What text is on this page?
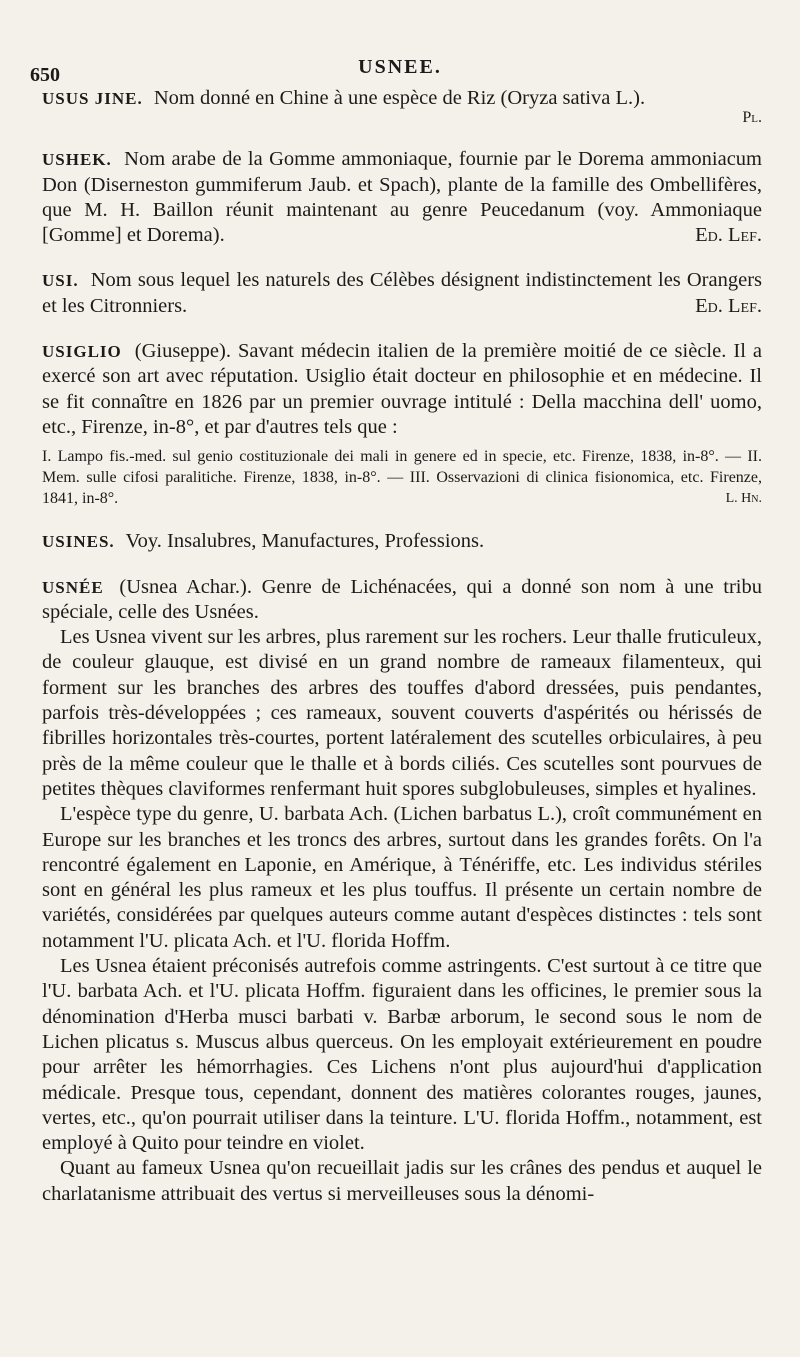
650	USNEE.

USUS JINE. Nom donné en Chine à une espèce de Riz (Oryza sativa L.).

Pl.

USHEK. Nom arabe de la Gomme ammoniaque, fournie par le Dorema ammoniacum Don (Diserneston gummiferum Jaub. et Spach), plante de la famille des Ombellifères, que M. H. Baillon réunit maintenant au genre Peucedanum (voy. Ammoniaque [Gomme] et Dorema).	Ed. Lef.

USI. Nom sous lequel les naturels des Célèbes désignent indistinctement les Orangers et les Citronniers.	Ed. Lef.

USIGLIO (Giuseppe). Savant médecin italien de la première moitié de ce siècle. Il a exercé son art avec réputation. Usiglio était docteur en philosophie et en médecine. Il se fit connaître en 1826 par un premier ouvrage intitulé : Della macchina dell' uomo, etc., Firenze, in-8°, et par d'autres tels que :

I. Lampo fis.-med. sul genio costituzionale dei mali in genere ed in specie, etc. Firenze, 1838, in-8°. — II. Mem. sulle cifosi paralitiche. Firenze, 1838, in-8°. — III. Osservazioni di clinica fisionomica, etc. Firenze, 1841, in-8°.	L. Hn.

USINES. Voy. Insalubres, Manufactures, Professions.

USNÉE (Usnea Achar.). Genre de Lichénacées, qui a donné son nom à une tribu spéciale, celle des Usnées.

Les Usnea vivent sur les arbres, plus rarement sur les rochers. Leur thalle fruticuleux, de couleur glauque, est divisé en un grand nombre de rameaux filamenteux, qui forment sur les branches des arbres des touffes d'abord dressées, puis pendantes, parfois très-développées ; ces rameaux, souvent couverts d'aspérités ou hérissés de fibrilles horizontales très-courtes, portent latéralement des scutelles orbiculaires, à peu près de la même couleur que le thalle et à bords ciliés. Ces scutelles sont pourvues de petites thèques claviformes renfermant huit spores subglobuleuses, simples et hyalines.

L'espèce type du genre, U. barbata Ach. (Lichen barbatus L.), croît communément en Europe sur les branches et les troncs des arbres, surtout dans les grandes forêts. On l'a rencontré également en Laponie, en Amérique, à Ténériffe, etc. Les individus stériles sont en général les plus rameux et les plus touffus. Il présente un certain nombre de variétés, considérées par quelques auteurs comme autant d'espèces distinctes : tels sont notamment l'U. plicata Ach. et l'U. florida Hoffm.

Les Usnea étaient préconisés autrefois comme astringents. C'est surtout à ce titre que l'U. barbata Ach. et l'U. plicata Hoffm. figuraient dans les officines, le premier sous la dénomination d'Herba musci barbati v. Barbæ arborum, le second sous le nom de Lichen plicatus s. Muscus albus querceus. On les employait extérieurement en poudre pour arrêter les hémorrhagies. Ces Lichens n'ont plus aujourd'hui d'application médicale. Presque tous, cependant, donnent des matières colorantes rouges, jaunes, vertes, etc., qu'on pourrait utiliser dans la teinture. L'U. florida Hoffm., notamment, est employé à Quito pour teindre en violet.

Quant au fameux Usnea qu'on recueillait jadis sur les crânes des pendus et auquel le charlatanisme attribuait des vertus si merveilleuses sous la dénomi-
